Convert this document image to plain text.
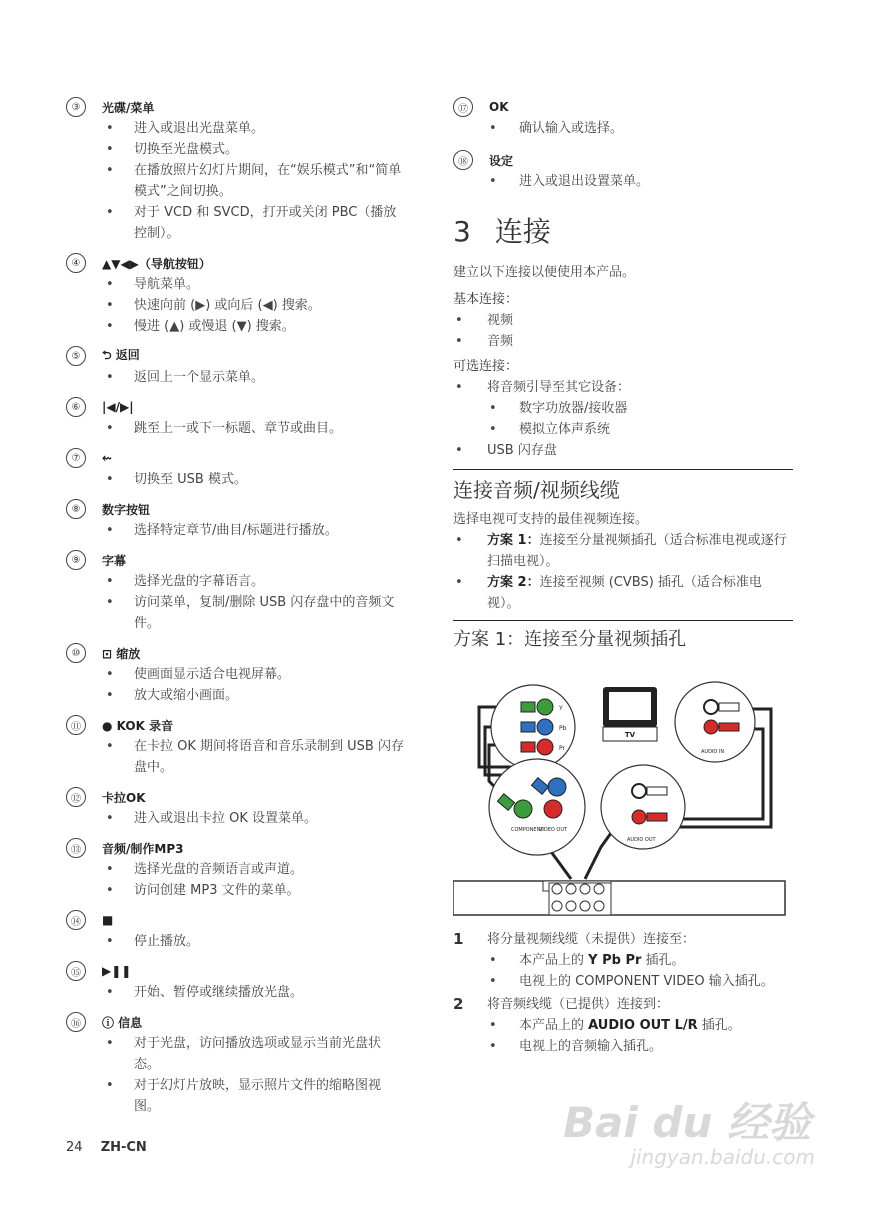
③	光碟/菜单
• 进入或退出光盘菜单。
• 切换至光盘模式。
• 在播放照片幻灯片期间，在“娱乐模式”和“简单模式”之间切换。
• 对于 VCD 和 SVCD，打开或关闭 PBC（播放控制）。
④	▲▼◀▶（导航按钮）
• 导航菜单。
• 快速向前 (▶) 或向后 (◀) 搜索。
• 慢进 (▲) 或慢退 (▼) 搜索。
⑤	⮌ 返回
• 返回上一个显示菜单。
⑥	|◀/▶|
• 跳至上一或下一标题、章节或曲目。
⑦	⇜
• 切换至 USB 模式。
⑧	数字按钮
• 选择特定章节/曲目/标题进行播放。
⑨	字幕
• 选择光盘的字幕语言。
• 访问菜单，复制/删除 USB 闪存盘中的音频文件。
⑩	⊡ 缩放
• 使画面显示适合电视屏幕。
• 放大或缩小画面。
⑪	● KOK 录音
• 在卡拉 OK 期间将语音和音乐录制到 USB 闪存盘中。
⑫	卡拉OK
• 进入或退出卡拉 OK 设置菜单。
⑬	音频/制作MP3
• 选择光盘的音频语言或声道。
• 访问创建 MP3 文件的菜单。
⑭	■
• 停止播放。
⑮	▶❚❚
• 开始、暂停或继续播放光盘。
⑯	ⓘ 信息
• 对于光盘，访问播放选项或显示当前光盘状态。
• 对于幻灯片放映，显示照片文件的缩略图视图。
⑰	OK
• 确认输入或选择。
⑱	设定
• 进入或退出设置菜单。
3 连接
建立以下连接以便使用本产品。
基本连接：
• 视频
• 音频
可选连接：
• 将音频引导至其它设备：
• 数字功放器/接收器
• 模拟立体声系统
• USB 闪存盘
连接音频/视频线缆
选择电视可支持的最佳视频连接。
• 方案 1：连接至分量视频插孔（适合标准电视或逐行扫描电视）。
• 方案 2：连接至视频 (CVBS) 插孔（适合标准电视）。
方案 1：连接至分量视频插孔
Y
Pb
Pr
TV
AUDIO IN
COMPONENT
VIDEO OUT
AUDIO OUT
1 将分量视频线缆（未提供）连接至：
• 本产品上的 Y Pb Pr 插孔。
• 电视上的 COMPONENT VIDEO 输入插孔。
2 将音频线缆（已提供）连接到：
• 本产品上的 AUDIO OUT L/R 插孔。
• 电视上的音频输入插孔。
24 ZH-CN
Bai du 经验
jingyan.baidu.com
